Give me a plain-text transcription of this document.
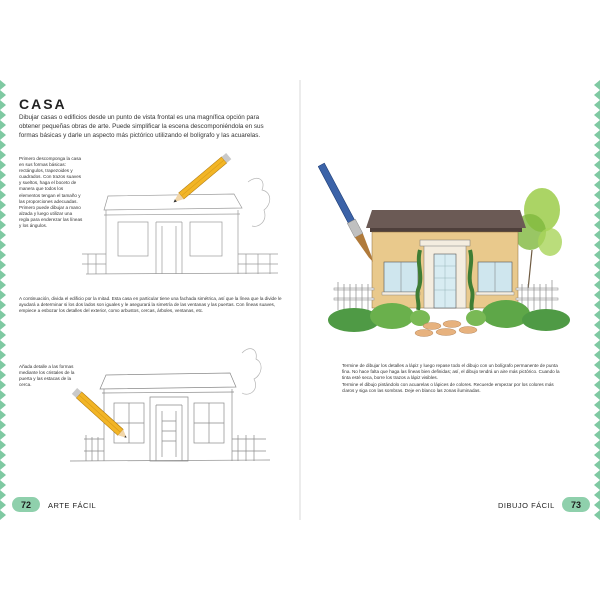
CASA
Dibujar casas o edificios desde un punto de vista frontal es una magnífica opción para obtener pequeñas obras de arte. Puede simplificar la escena descomponiéndola en sus formas básicas y darle un aspecto más pictórico utilizando el bolígrafo y las acuarelas.
Primero descomponga la casa en sus formas básicas: rectángulos, trapezoides y cuadrados. Con trazos suaves y sueltos, haga el boceto de manera que todos los elementos tengan el tamaño y las proporciones adecuadas. Primero puede dibujar a mano alzada y luego utilizar una regla para enderezar las líneas y los ángulos.
A continuación, divida el edificio por la mitad. Esta casa en particular tiene una fachada simétrica, así que la línea que la divide le ayudará a determinar si los dos lados son iguales y le asegurará la simetría de las ventanas y las puertas. Con líneas suaves, empiece a esbozar los detalles del exterior, como arbustos, cercas, árboles, ventanas, etc.
Añada detalle a las formas mediante los cristales de la puerta y las estacas de la cerca.
Termine de dibujar los detalles a lápiz y luego repase todo el dibujo con un bolígrafo permanente de punta fina. No hace falta que haga las líneas bien definidas; así, el dibujo tendrá un aire más pictórico. Cuando la tinta esté seca, borre los trazos a lápiz visibles.
Termine el dibujo pintándolo con acuarelas o lápices de colores. Recuerde empezar por los colores más claros y siga con las sombras. Deje en blanco las zonas iluminadas.
72	ARTE FÁCIL	DIBUJO FÁCIL	73
